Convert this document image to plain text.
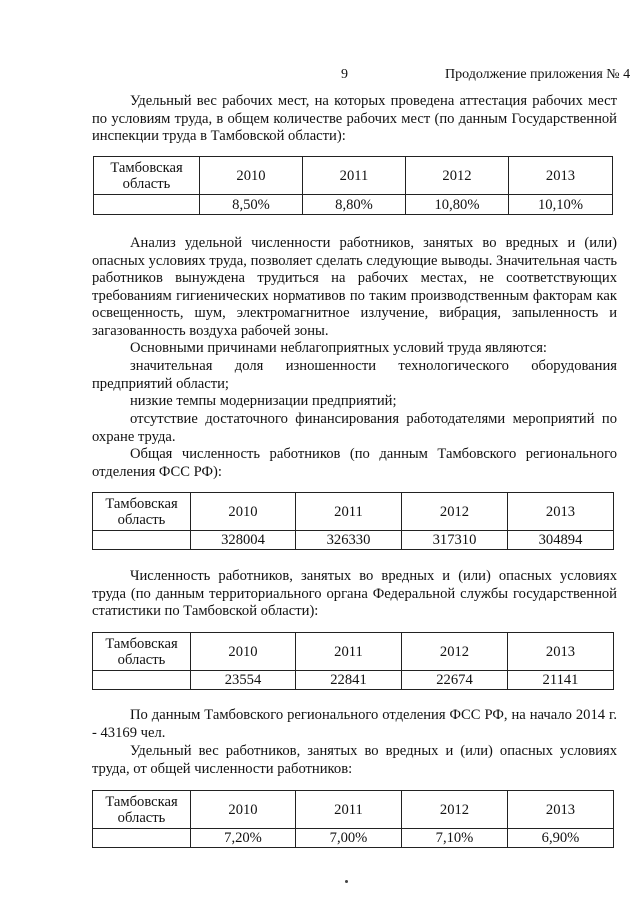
9	Продолжение приложения № 4

Удельный вес рабочих мест, на которых проведена аттестация рабочих мест по условиям труда, в общем количестве рабочих мест (по данным Государственной инспекции труда в Тамбовской области):

Тамбовская
область	2010	2011	2012	2013
	8,50%	8,80%	10,80%	10,10%

Анализ удельной численности работников, занятых во вредных и (или) опасных условиях труда, позволяет сделать следующие выводы. Значительная часть работников вынуждена трудиться на рабочих местах, не соответствующих требованиям гигиенических нормативов по таким производственным факторам как освещенность, шум, электромагнитное излучение, вибрация, запыленность и загазованность воздуха рабочей зоны.

Основными причинами неблагоприятных условий труда являются:

значительная доля изношенности технологического оборудования предприятий области;

низкие темпы модернизации предприятий;

отсутствие достаточного финансирования работодателями мероприятий по охране труда.

Общая численность работников (по данным Тамбовского регионального отделения ФСС РФ):

Тамбовская
область	2010	2011	2012	2013
	328004	326330	317310	304894

Численность работников, занятых во вредных и (или) опасных условиях труда (по данным территориального органа Федеральной службы государственной статистики по Тамбовской области):

Тамбовская
область	2010	2011	2012	2013
	23554	22841	22674	21141

По данным Тамбовского регионального отделения ФСС РФ, на начало 2014 г. - 43169 чел.

Удельный вес работников, занятых во вредных и (или) опасных условиях труда, от общей численности работников:

Тамбовская
область	2010	2011	2012	2013
	7,20%	7,00%	7,10%	6,90%
